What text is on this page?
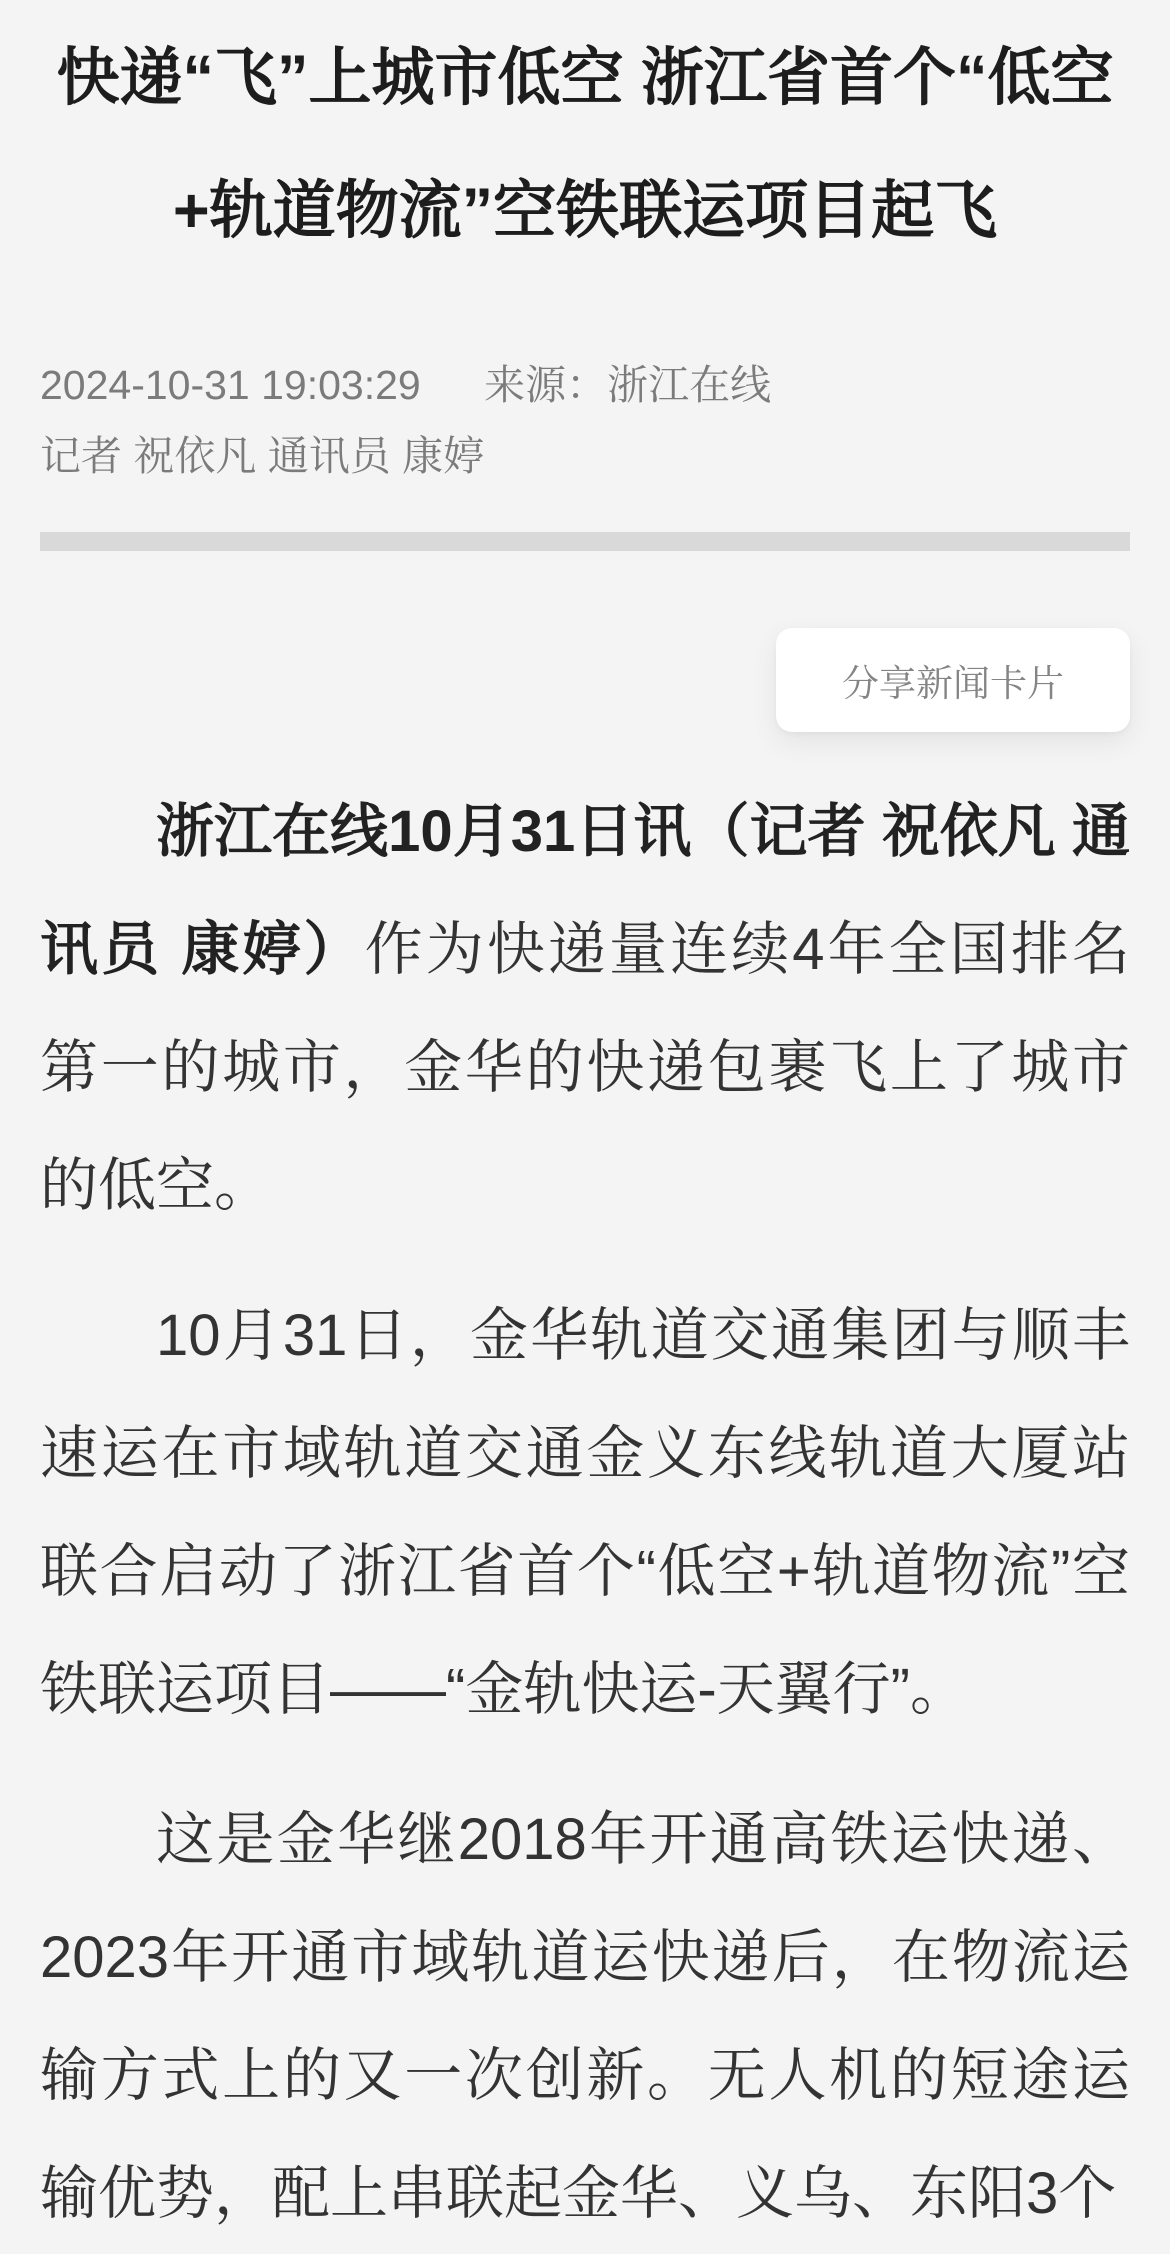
快递“飞”上城市低空 浙江省首个“低空+轨道物流”空铁联运项目起飞
2024-10-31 19:03:29 来源：浙江在线
记者 祝依凡 通讯员 康婷
分享新闻卡片

浙江在线10月31日讯（记者 祝依凡 通讯员 康婷）作为快递量连续4年全国排名第一的城市，金华的快递包裹飞上了城市的低空。

10月31日，金华轨道交通集团与顺丰速运在市域轨道交通金义东线轨道大厦站联合启动了浙江省首个“低空+轨道物流”空铁联运项目——“金轨快运-天翼行”。

这是金华继2018年开通高铁运快递、2023年开通市域轨道运快递后，在物流运输方式上的又一次创新。无人机的短途运输优势，配上串联起金华、义乌、东阳3个
